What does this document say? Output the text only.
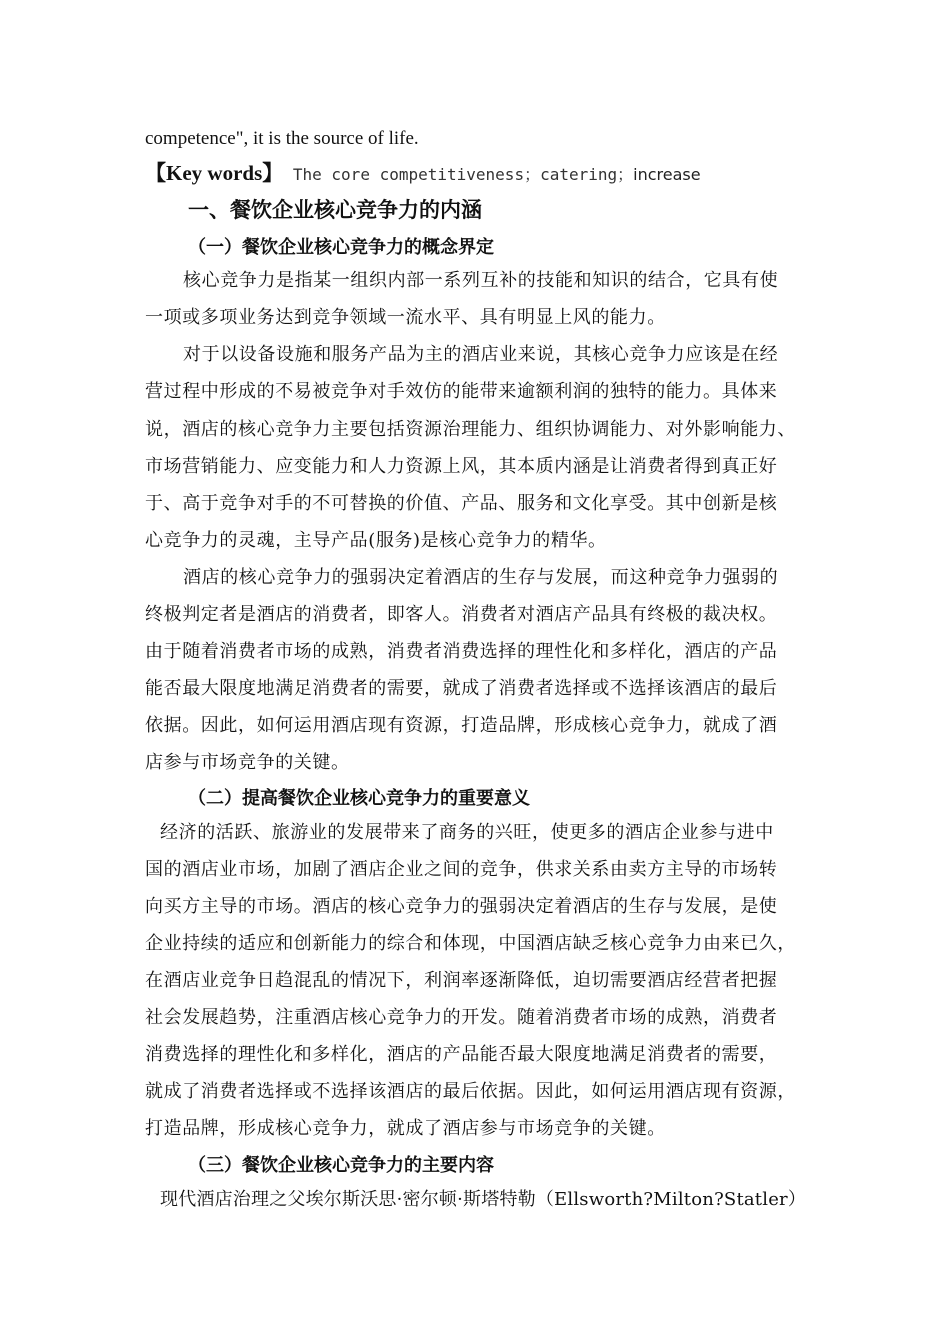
competence", it is the source of life.
【Key words】 The core competitiveness；catering；increase
一、餐饮企业核心竞争力的内涵
（一）餐饮企业核心竞争力的概念界定
核心竞争力是指某一组织内部一系列互补的技能和知识的结合，它具有使
一项或多项业务达到竞争领域一流水平、具有明显上风的能力。
对于以设备设施和服务产品为主的酒店业来说，其核心竞争力应该是在经
营过程中形成的不易被竞争对手效仿的能带来逾额利润的独特的能力。具体来
说，酒店的核心竞争力主要包括资源治理能力、组织协调能力、对外影响能力、
市场营销能力、应变能力和人力资源上风，其本质内涵是让消费者得到真正好
于、高于竞争对手的不可替换的价值、产品、服务和文化享受。其中创新是核
心竞争力的灵魂，主导产品(服务)是核心竞争力的精华。
酒店的核心竞争力的强弱决定着酒店的生存与发展，而这种竞争力强弱的
终极判定者是酒店的消费者，即客人。消费者对酒店产品具有终极的裁决权。
由于随着消费者市场的成熟，消费者消费选择的理性化和多样化，酒店的产品
能否最大限度地满足消费者的需要，就成了消费者选择或不选择该酒店的最后
依据。因此，如何运用酒店现有资源，打造品牌，形成核心竞争力，就成了酒
店参与市场竞争的关键。
（二）提高餐饮企业核心竞争力的重要意义
经济的活跃、旅游业的发展带来了商务的兴旺，使更多的酒店企业参与进中
国的酒店业市场，加剧了酒店企业之间的竞争，供求关系由卖方主导的市场转
向买方主导的市场。酒店的核心竞争力的强弱决定着酒店的生存与发展，是使
企业持续的适应和创新能力的综合和体现，中国酒店缺乏核心竞争力由来已久，
在酒店业竞争日趋混乱的情况下，利润率逐渐降低，迫切需要酒店经营者把握
社会发展趋势，注重酒店核心竞争力的开发。随着消费者市场的成熟，消费者
消费选择的理性化和多样化，酒店的产品能否最大限度地满足消费者的需要，
就成了消费者选择或不选择该酒店的最后依据。因此，如何运用酒店现有资源，
打造品牌，形成核心竞争力，就成了酒店参与市场竞争的关键。
（三）餐饮企业核心竞争力的主要内容
现代酒店治理之父埃尔斯沃思·密尔顿·斯塔特勒（Ellsworth?Milton?Statler）
